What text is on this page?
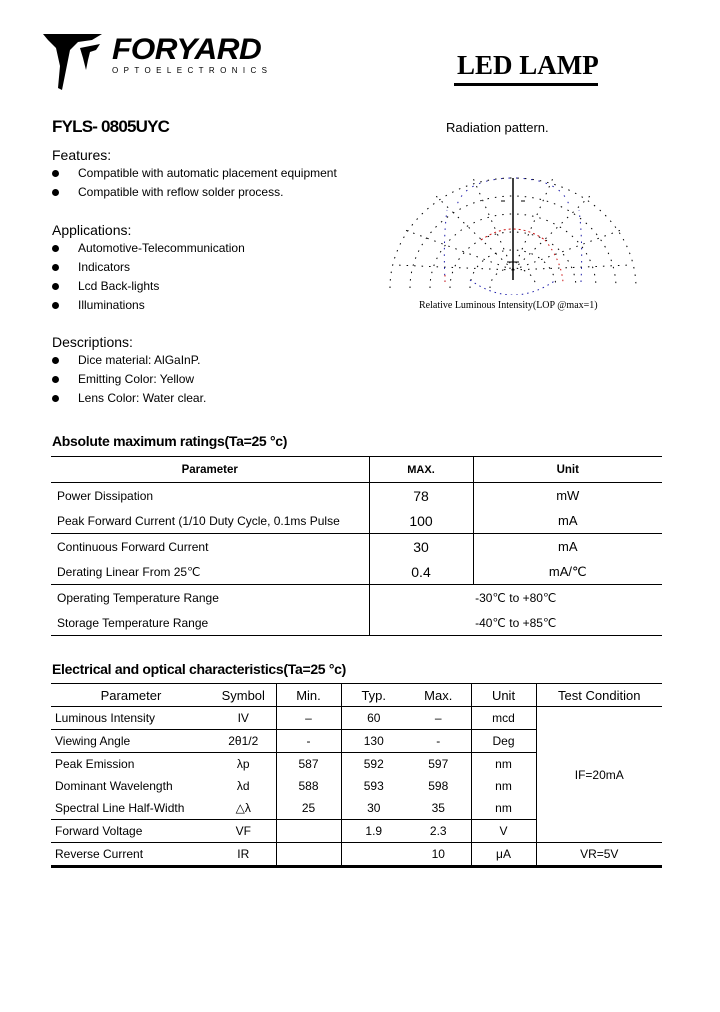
FORYARD
OPTOELECTRONICS	LED LAMP
FYLS- 0805UYC
Features:
Compatible with automatic placement equipment
Compatible with reflow solder process.
Applications:
Automotive-Telecommunication
Indicators
Lcd Back-lights
Illuminations
Descriptions:
Dice material: AlGaInP.
Emitting Color: Yellow
Lens Color: Water clear.
Radiation pattern.
Relative Luminous Intensity(LOP @max=1)
Absolute maximum ratings(Ta=25 °c)
Parameter	MAX.	Unit
Power Dissipation	78	mW
Peak Forward Current (1/10 Duty Cycle, 0.1ms Pulse	100	mA
Continuous Forward Current	30	mA
Derating Linear From 25℃	0.4	mA/℃
Operating Temperature Range	-30℃ to +80℃	
Storage Temperature Range	-40℃ to +85℃	
Electrical and optical characteristics(Ta=25 °c)
Parameter	Symbol	Min.	Typ.	Max.	Unit	Test Condition
Luminous Intensity	IV	–	60	–	mcd	IF=20mA
Viewing Angle	2θ1/2	-	130	-	Deg	
Peak Emission	λp	587	592	597	nm	
Dominant Wavelength	λd	588	593	598	nm	
Spectral Line Half-Width	△λ	25	30	35	nm	
Forward Voltage	VF		1.9	2.3	V	
Reverse Current	IR			10	μA	VR=5V
